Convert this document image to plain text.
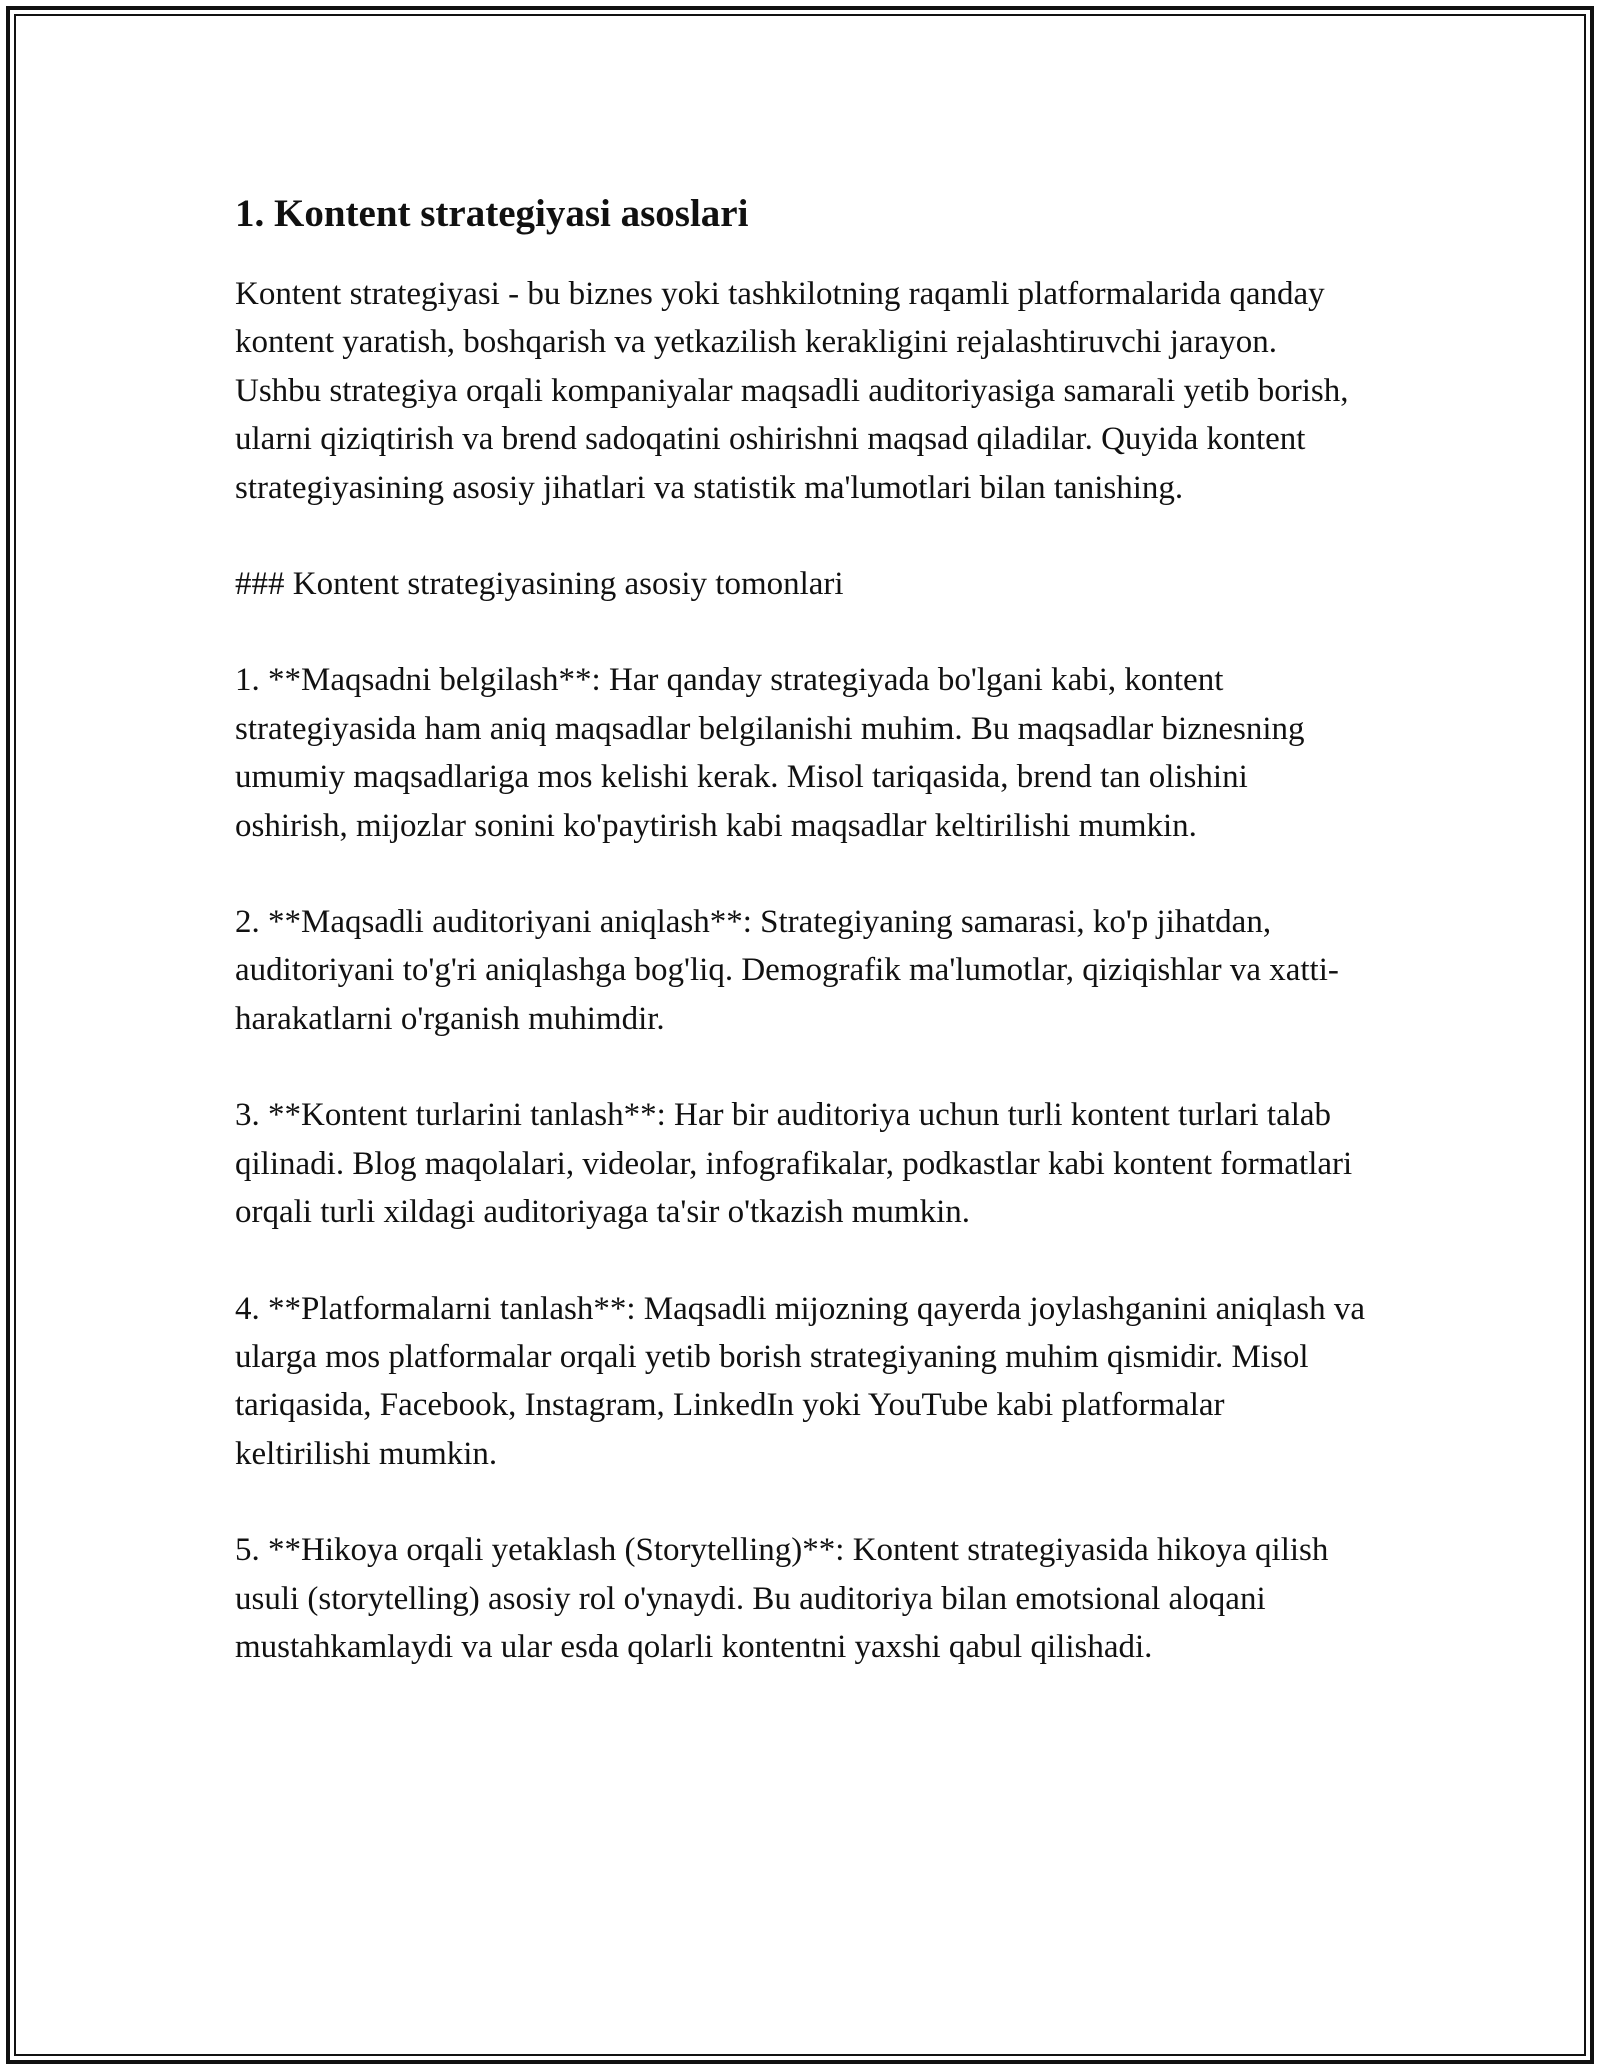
1. Kontent strategiyasi asoslari

Kontent strategiyasi - bu biznes yoki tashkilotning raqamli platformalarida qanday kontent yaratish, boshqarish va yetkazilish kerakligini rejalashtiruvchi jarayon. Ushbu strategiya orqali kompaniyalar maqsadli auditoriyasiga samarali yetib borish, ularni qiziqtirish va brend sadoqatini oshirishni maqsad qiladilar. Quyida kontent strategiyasining asosiy jihatlari va statistik ma'lumotlari bilan tanishing.

### Kontent strategiyasining asosiy tomonlari

1. **Maqsadni belgilash**: Har qanday strategiyada bo'lgani kabi, kontent strategiyasida ham aniq maqsadlar belgilanishi muhim. Bu maqsadlar biznesning umumiy maqsadlariga mos kelishi kerak. Misol tariqasida, brend tan olishini oshirish, mijozlar sonini ko'paytirish kabi maqsadlar keltirilishi mumkin.

2. **Maqsadli auditoriyani aniqlash**: Strategiyaning samarasi, ko'p jihatdan, auditoriyani to'g'ri aniqlashga bog'liq. Demografik ma'lumotlar, qiziqishlar va xatti-harakatlarni o'rganish muhimdir.

3. **Kontent turlarini tanlash**: Har bir auditoriya uchun turli kontent turlari talab qilinadi. Blog maqolalari, videolar, infografikalar, podkastlar kabi kontent formatlari orqali turli xildagi auditoriyaga ta'sir o'tkazish mumkin.

4. **Platformalarni tanlash**: Maqsadli mijozning qayerda joylashganini aniqlash va ularga mos platformalar orqali yetib borish strategiyaning muhim qismidir. Misol tariqasida, Facebook, Instagram, LinkedIn yoki YouTube kabi platformalar keltirilishi mumkin.

5. **Hikoya orqali yetaklash (Storytelling)**: Kontent strategiyasida hikoya qilish usuli (storytelling) asosiy rol o'ynaydi. Bu auditoriya bilan emotsional aloqani mustahkamlaydi va ular esda qolarli kontentni yaxshi qabul qilishadi.
